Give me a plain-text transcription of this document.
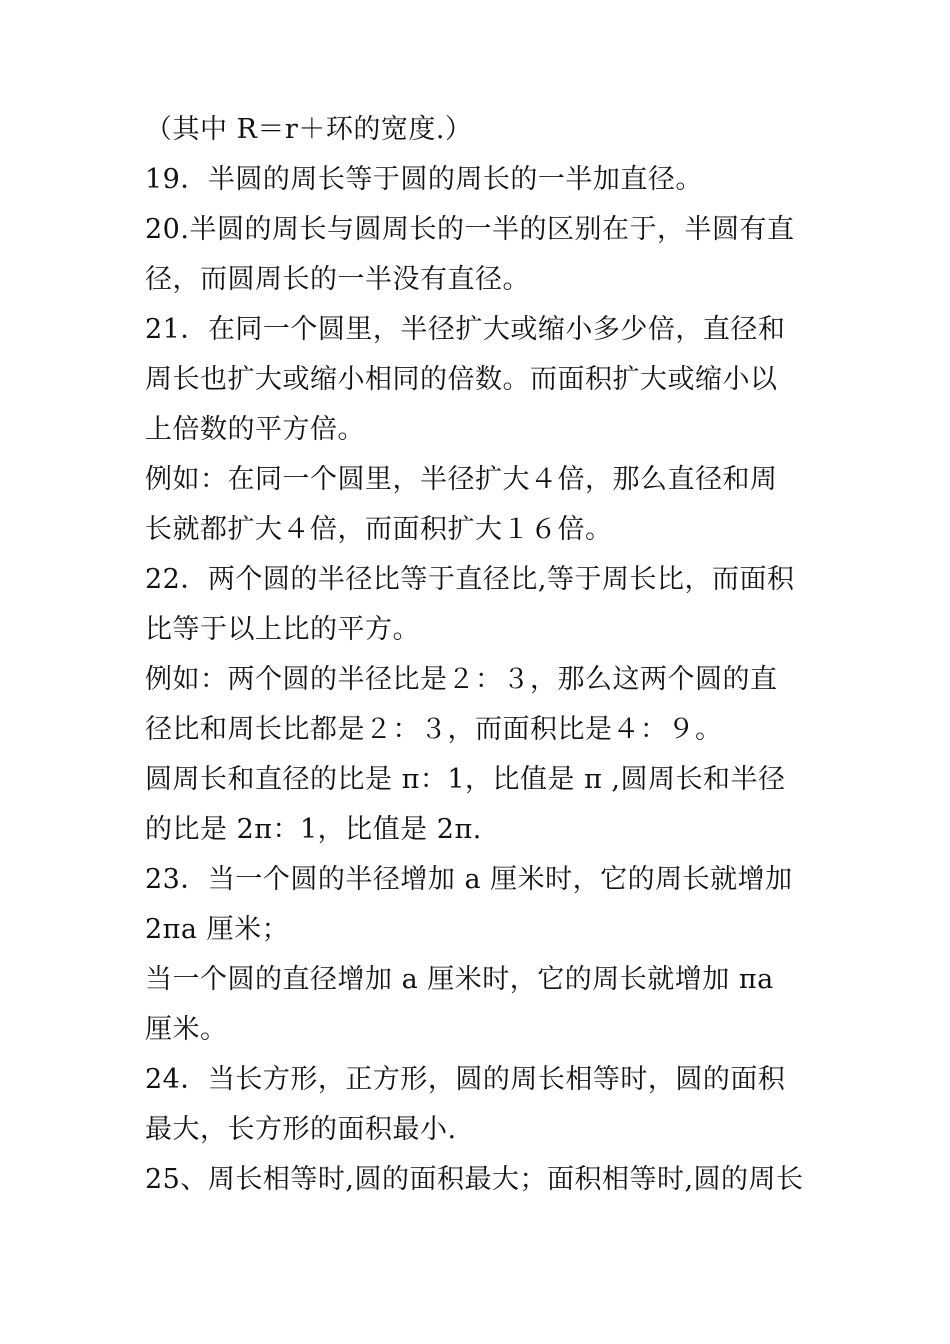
（其中 R＝r＋环的宽度.）
19．半圆的周长等于圆的周长的一半加直径。
20.半圆的周长与圆周长的一半的区别在于，半圆有直
径，而圆周长的一半没有直径。
21．在同一个圆里，半径扩大或缩小多少倍，直径和
周长也扩大或缩小相同的倍数。而面积扩大或缩小以
上倍数的平方倍。
例如：在同一个圆里，半径扩大４倍，那么直径和周
长就都扩大４倍，而面积扩大１６倍。
22．两个圆的半径比等于直径比,等于周长比，而面积
比等于以上比的平方。
例如：两个圆的半径比是２：３，那么这两个圆的直
径比和周长比都是２：３，而面积比是４：９。
圆周长和直径的比是 π：1，比值是 π ,圆周长和半径
的比是 2π：1，比值是 2π.
23．当一个圆的半径增加 a 厘米时，它的周长就增加
2πa 厘米；
当一个圆的直径增加 a 厘米时，它的周长就增加 πa
厘米。
24．当长方形，正方形，圆的周长相等时，圆的面积
最大，长方形的面积最小.
25、周长相等时,圆的面积最大；面积相等时,圆的周长
